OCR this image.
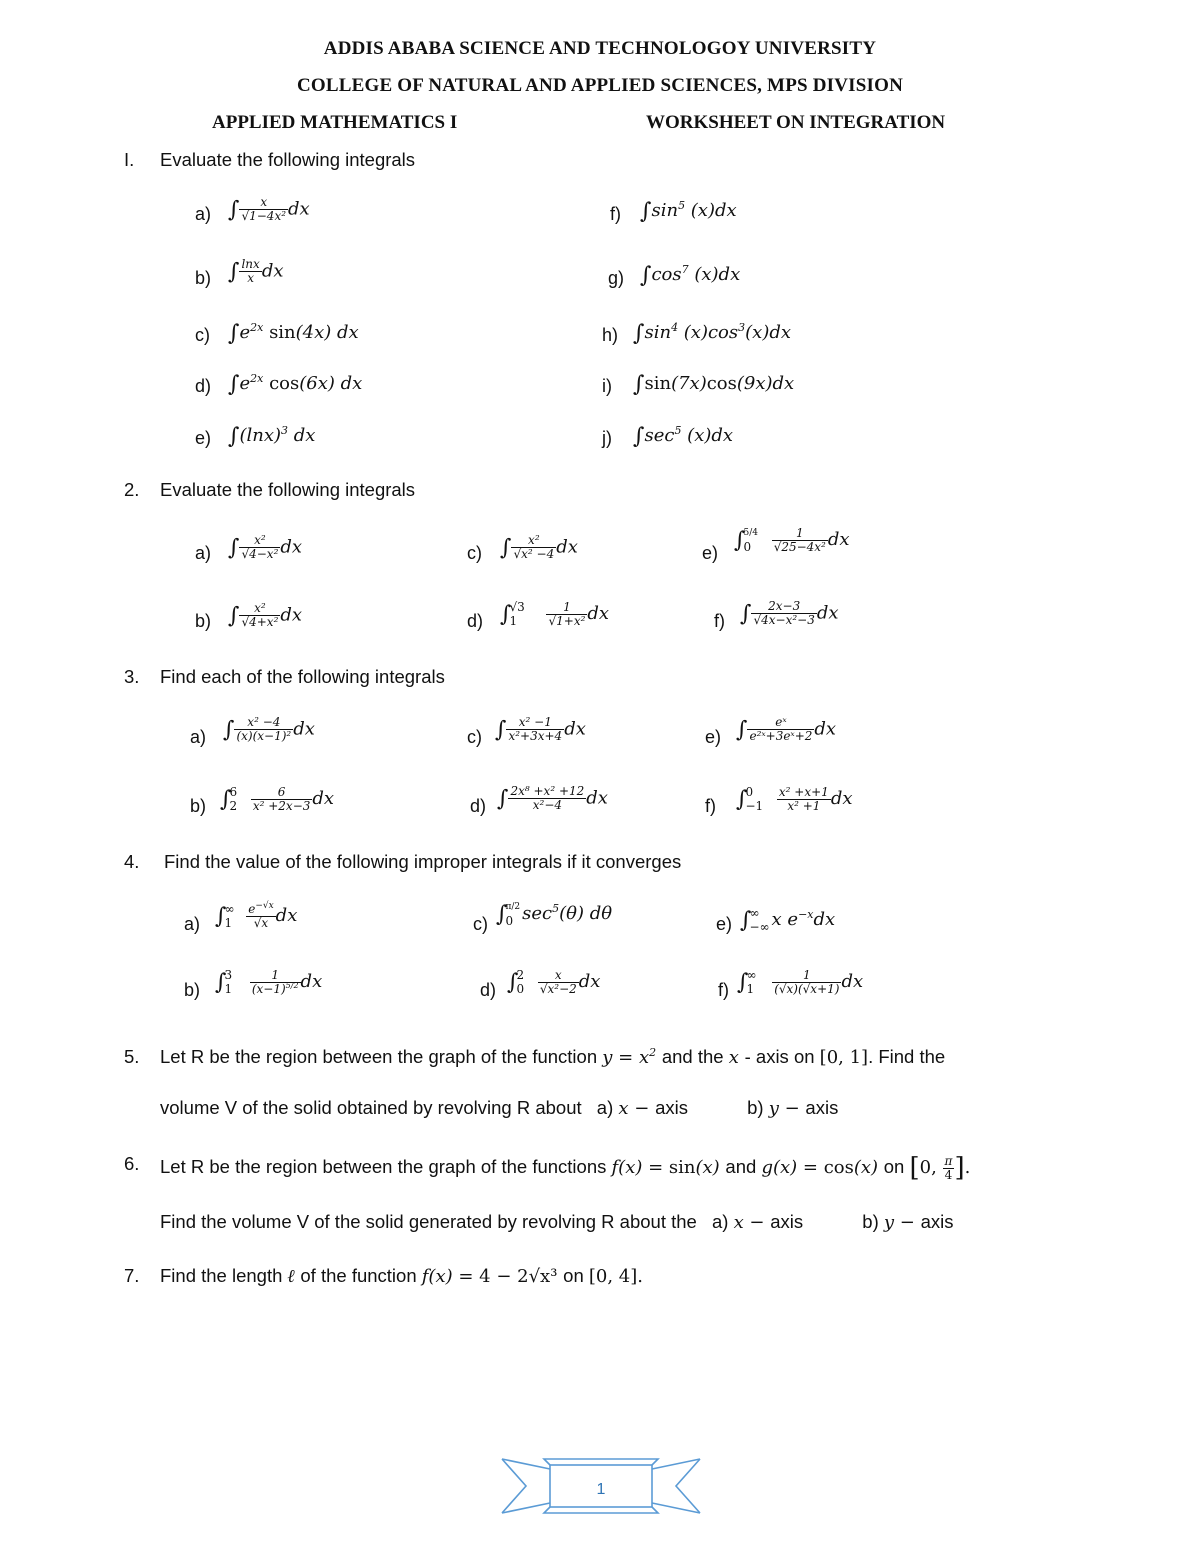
ADDIS ABABA SCIENCE AND TECHNOLOGOY UNIVERSITY
COLLEGE OF NATURAL AND APPLIED SCIENCES, MPS DIVISION
APPLIED MATHEMATICS I	WORKSHEET ON INTEGRATION
I. Evaluate the following integrals
a) ∫ $\frac{x}{\text{√1−4x²}}$ dx
b) ∫ $\frac{\ln x}{x}$ dx
c) $\int e^{2x}$ sin(4x) dx
d) $\int e^{2x}$ cos(6x) dx
e) $\int(\ln x)^3$ dx
f) $\int\sin^5$ (x)dx
g) $\int\cos^7$ (x)dx
h) $\int\sin^4$ $(x)\cos^3(x)dx$
i) ∫sin(7x)cos(9x)dx
j) $\int\sec^5$ (x)dx
2. Evaluate the following integrals
a) ∫ $\frac{\text{x²}}{\text{√4−x²}}$ dx
b) ∫ $\frac{\text{x²}}{\text{√4+x²}}$ dx
c) ∫ $\frac{\text{x²}}{\text{√x² −4}}$ dx
d) ∫
√3
1
	$\frac{1}{\text{√1+x²}}$ dx
e) ∫
5/4
0
	$\frac{1}{\text{√25−4x²}}$ dx
f) ∫ $\frac{2x-3}{\text{√4x−x²−3}}$ dx
3. Find each of the following integrals
a) ∫ $\frac{\text{x² −4}}{\text{(x)(x−1)²}}$ dx
b) ∫
6
2
$\frac{6}{\text{x² +2x−3}}$ dx
c) ∫ $\frac{\text{x² −1}}{\text{x²+3x+4}}$ dx
d) ∫ $\frac{\text{2x⁸ +x² +12}}{\text{x²−4}}$ dx
e) ∫ $\frac{\text{eˣ}}{\text{e²ˣ+3eˣ+2}}$ dx
f) ∫
0
−1
$\frac{\text{x² +x+1}}{\text{x² +1}}$ dx
4. Find the value of the following improper integrals if it converges
a) ∫
∞
1
$\frac{e^{-√x}}{√x}$ dx
b) ∫
3
1
$\frac{1}{(x-1)^{5/2}}$ dx
c) ∫
π/2
0 $\sec^5(\theta)$ dθ
d) ∫
2
0
$\frac{x}{\text{√x²−2}}$ dx
e) ∫
∞
−∞ x $e^{-x}dx$
f) ∫
∞
1
$\frac{1}{(√x)(√x+1)}$ dx
5. Let R be the region between the graph of the function $y = x^2$ and the x - axis on [0, 1]. Find the
volume V of the solid obtained by revolving R about a) x − axis	b) y − axis
6. Let R be the region between the graph of the functions f(x) = sin(x) and g(x) = cos(x) on [0, $\frac{\pi}{4}$ ].
Find the volume V of the solid generated by revolving R about the a) x − axis	b) y − axis
7. Find the length ℓ of the function f(x) = 4 − 2√x³ on [0, 4].
1
